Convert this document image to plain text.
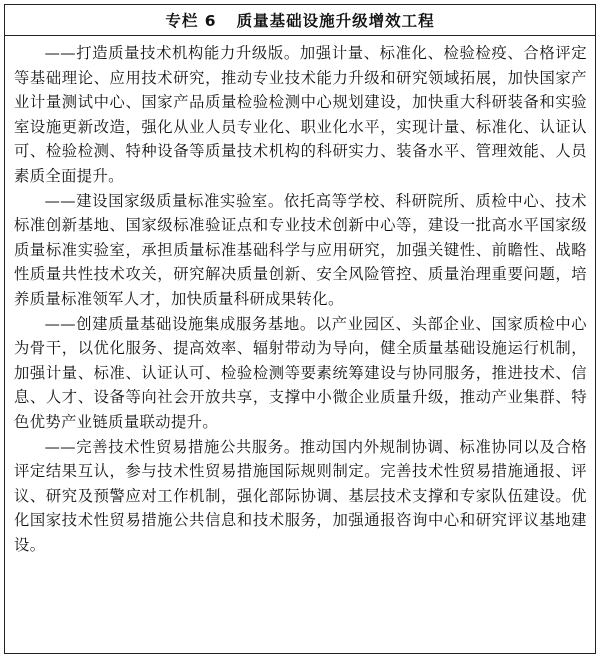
专栏 6 质量基础设施升级增效工程

——打造质量技术机构能力升级版。加强计量、标准化、检验检疫、合格评定等基础理论、应用技术研究，推动专业技术能力升级和研究领域拓展，加快国家产业计量测试中心、国家产品质量检验检测中心规划建设，加快重大科研装备和实验室设施更新改造，强化从业人员专业化、职业化水平，实现计量、标准化、认证认可、检验检测、特种设备等质量技术机构的科研实力、装备水平、管理效能、人员素质全面提升。

——建设国家级质量标准实验室。依托高等学校、科研院所、质检中心、技术标准创新基地、国家级标准验证点和专业技术创新中心等，建设一批高水平国家级质量标准实验室，承担质量标准基础科学与应用研究，加强关键性、前瞻性、战略性质量共性技术攻关，研究解决质量创新、安全风险管控、质量治理重要问题，培养质量标准领军人才，加快质量科研成果转化。

——创建质量基础设施集成服务基地。以产业园区、头部企业、国家质检中心为骨干，以优化服务、提高效率、辐射带动为导向，健全质量基础设施运行机制，加强计量、标准、认证认可、检验检测等要素统筹建设与协同服务，推进技术、信息、人才、设备等向社会开放共享，支撑中小微企业质量升级，推动产业集群、特色优势产业链质量联动提升。

——完善技术性贸易措施公共服务。推动国内外规制协调、标准协同以及合格评定结果互认，参与技术性贸易措施国际规则制定。完善技术性贸易措施通报、评议、研究及预警应对工作机制，强化部际协调、基层技术支撑和专家队伍建设。优化国家技术性贸易措施公共信息和技术服务，加强通报咨询中心和研究评议基地建设。
